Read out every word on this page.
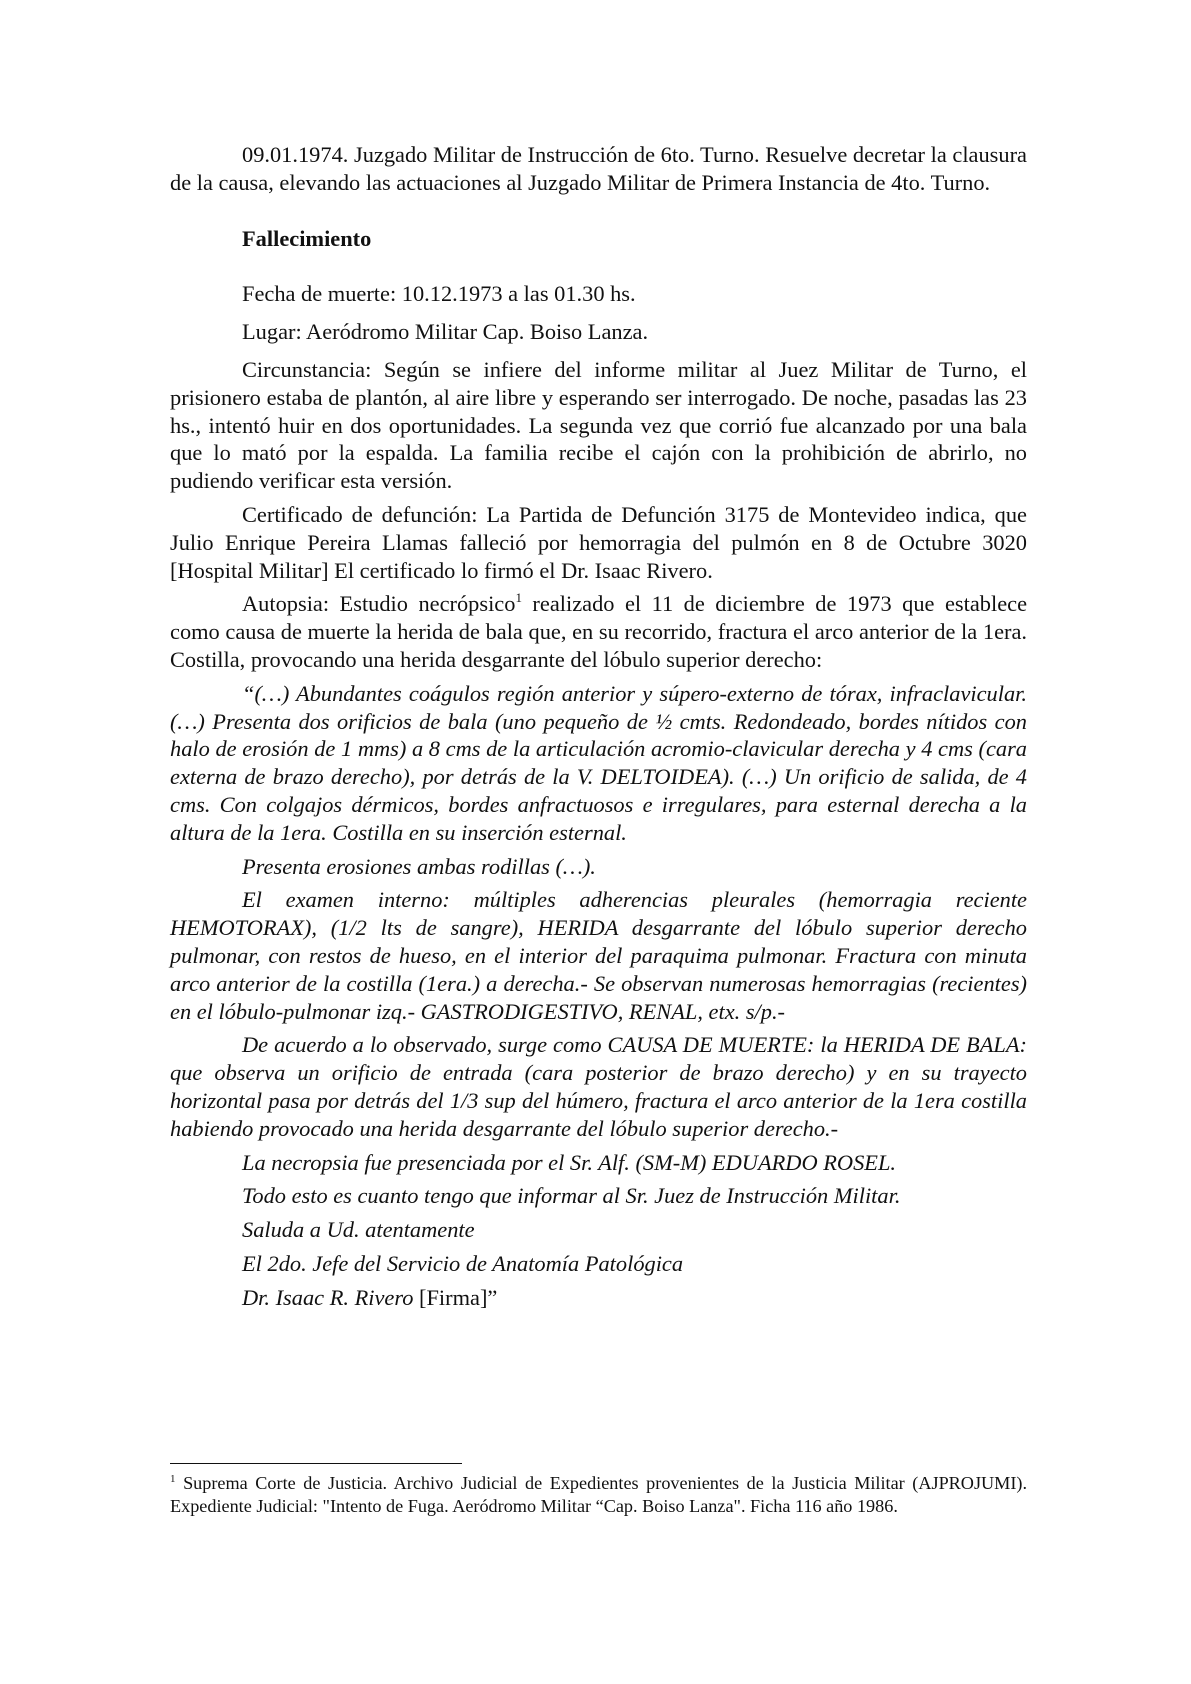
09.01.1974. Juzgado Militar de Instrucción de 6to. Turno. Resuelve decretar la clausura de la causa, elevando las actuaciones al Juzgado Militar de Primera Instancia de 4to. Turno.

Fallecimiento

Fecha de muerte: 10.12.1973 a las 01.30 hs.

Lugar: Aeródromo Militar Cap. Boiso Lanza.

Circunstancia: Según se infiere del informe militar al Juez Militar de Turno, el prisionero estaba de plantón, al aire libre y esperando ser interrogado. De noche, pasadas las 23 hs., intentó huir en dos oportunidades. La segunda vez que corrió fue alcanzado por una bala que lo mató por la espalda. La familia recibe el cajón con la prohibición de abrirlo, no pudiendo verificar esta versión.

Certificado de defunción: La Partida de Defunción 3175 de Montevideo indica, que Julio Enrique Pereira Llamas falleció por hemorragia del pulmón en 8 de Octubre 3020 [Hospital Militar] El certificado lo firmó el Dr. Isaac Rivero.

Autopsia: Estudio necrópsico$^1$ realizado el 11 de diciembre de 1973 que establece como causa de muerte la herida de bala que, en su recorrido, fractura el arco anterior de la 1era. Costilla, provocando una herida desgarrante del lóbulo superior derecho:

“(…) Abundantes coágulos región anterior y súpero-externo de tórax, infraclavicular. (…) Presenta dos orificios de bala (uno pequeño de ½ cmts. Redondeado, bordes nítidos con halo de erosión de 1 mms) a 8 cms de la articulación acromio-clavicular derecha y 4 cms (cara externa de brazo derecho), por detrás de la V. DELTOIDEA). (…) Un orificio de salida, de 4 cms. Con colgajos dérmicos, bordes anfractuosos e irregulares, para esternal derecha a la altura de la 1era. Costilla en su inserción esternal.

Presenta erosiones ambas rodillas (…).

El examen interno: múltiples adherencias pleurales (hemorragia reciente HEMOTORAX), (1/2 lts de sangre), HERIDA desgarrante del lóbulo superior derecho pulmonar, con restos de hueso, en el interior del paraquima pulmonar. Fractura con minuta arco anterior de la costilla (1era.) a derecha.- Se observan numerosas hemorragias (recientes) en el lóbulo-pulmonar izq.- GASTRODIGESTIVO, RENAL, etx. s/p.-

De acuerdo a lo observado, surge como CAUSA DE MUERTE: la HERIDA DE BALA: que observa un orificio de entrada (cara posterior de brazo derecho) y en su trayecto horizontal pasa por detrás del 1/3 sup del húmero, fractura el arco anterior de la 1era costilla habiendo provocado una herida desgarrante del lóbulo superior derecho.-

La necropsia fue presenciada por el Sr. Alf. (SM-M) EDUARDO ROSEL.

Todo esto es cuanto tengo que informar al Sr. Juez de Instrucción Militar.

Saluda a Ud. atentamente

El 2do. Jefe del Servicio de Anatomía Patológica

Dr. Isaac R. Rivero [Firma]”

$^1$ Suprema Corte de Justicia. Archivo Judicial de Expedientes provenientes de la Justicia Militar (AJPROJUMI). Expediente Judicial: "Intento de Fuga. Aeródromo Militar “Cap. Boiso Lanza". Ficha 116 año 1986.
